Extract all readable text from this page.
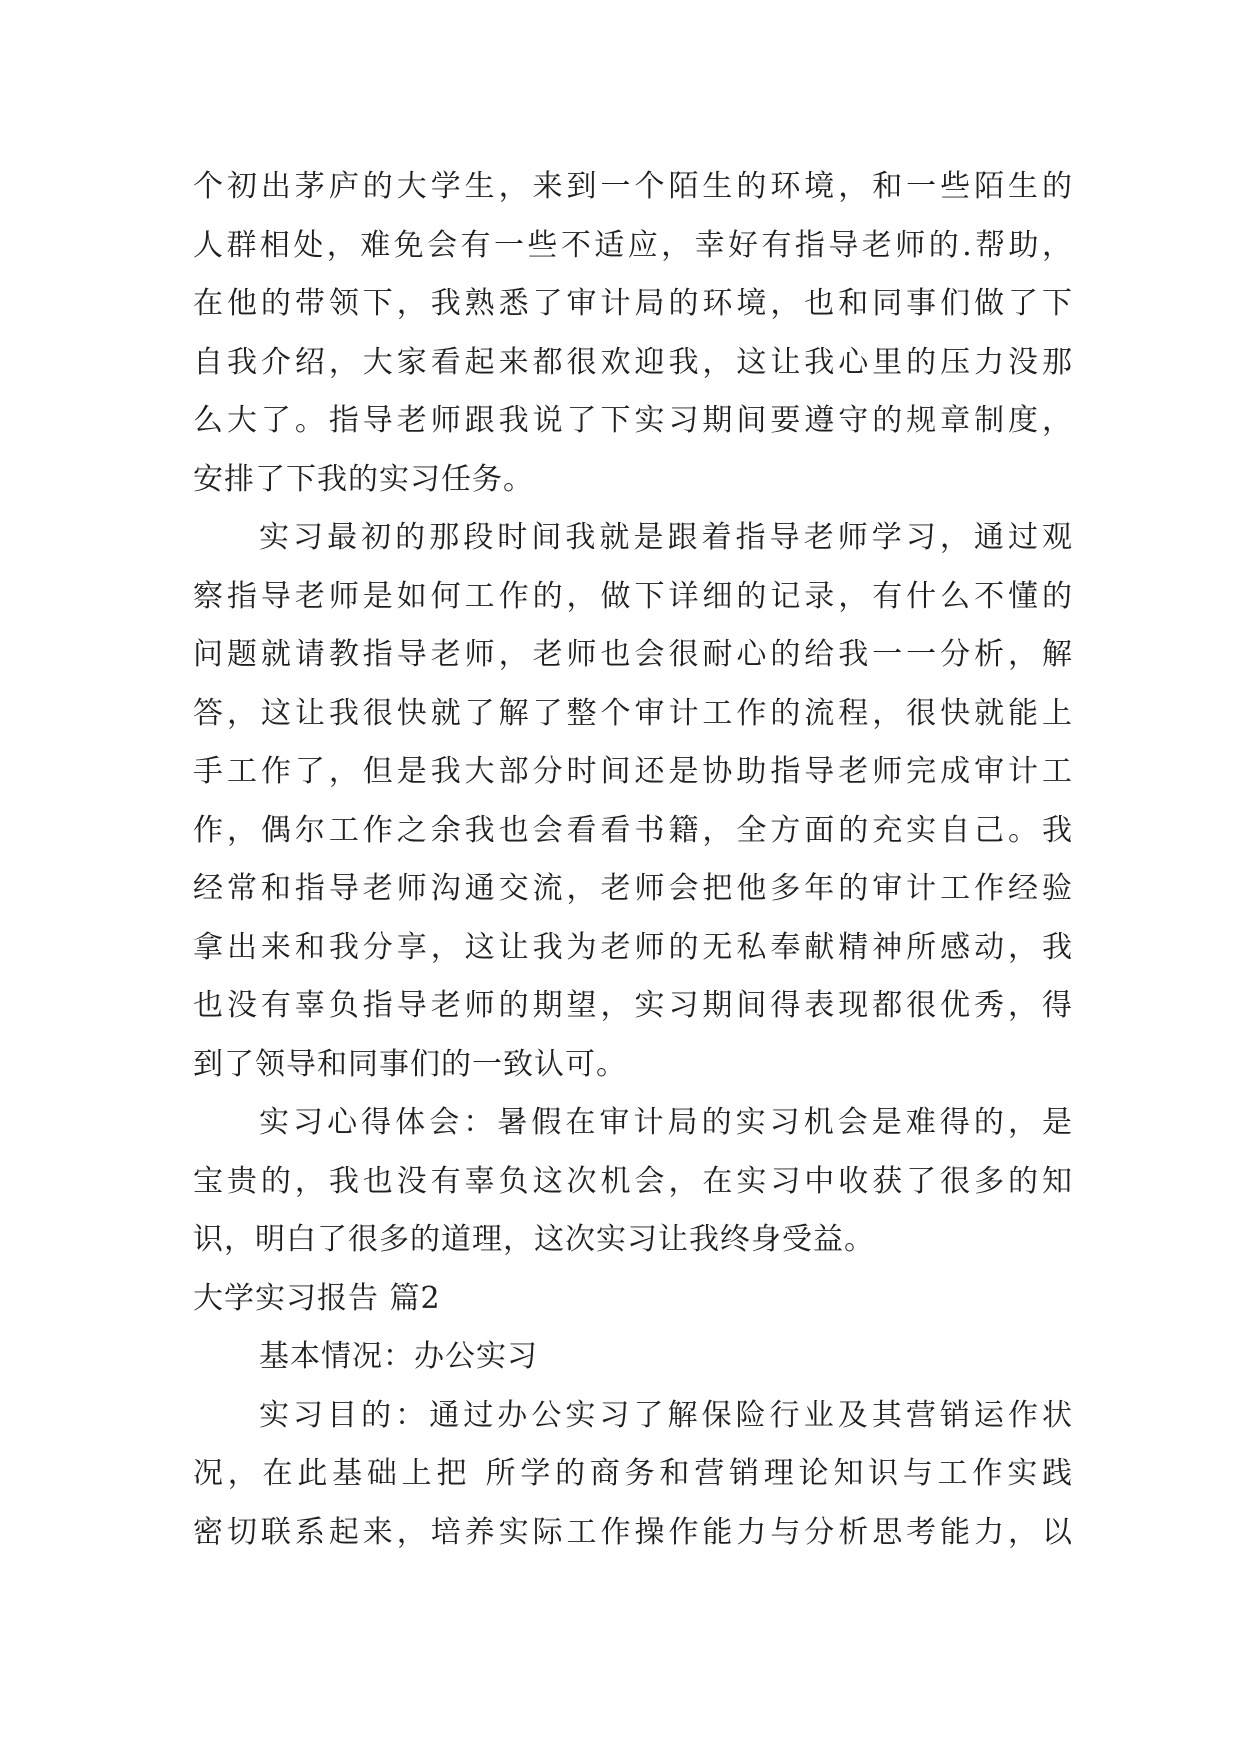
个初出茅庐的大学生，来到一个陌生的环境，和一些陌生的
人群相处，难免会有一些不适应，幸好有指导老师的.帮助，
在他的带领下，我熟悉了审计局的环境，也和同事们做了下
自我介绍，大家看起来都很欢迎我，这让我心里的压力没那
么大了。指导老师跟我说了下实习期间要遵守的规章制度，
安排了下我的实习任务。
实习最初的那段时间我就是跟着指导老师学习，通过观
察指导老师是如何工作的，做下详细的记录，有什么不懂的
问题就请教指导老师，老师也会很耐心的给我一一分析，解
答，这让我很快就了解了整个审计工作的流程，很快就能上
手工作了，但是我大部分时间还是协助指导老师完成审计工
作，偶尔工作之余我也会看看书籍，全方面的充实自己。我
经常和指导老师沟通交流，老师会把他多年的审计工作经验
拿出来和我分享，这让我为老师的无私奉献精神所感动，我
也没有辜负指导老师的期望，实习期间得表现都很优秀，得
到了领导和同事们的一致认可。
实习心得体会：暑假在审计局的实习机会是难得的，是
宝贵的，我也没有辜负这次机会，在实习中收获了很多的知
识，明白了很多的道理，这次实习让我终身受益。
大学实习报告 篇2
基本情况：办公实习
实习目的：通过办公实习了解保险行业及其营销运作状
况，在此基础上把 所学的商务和营销理论知识与工作实践
密切联系起来，培养实际工作操作能力与分析思考能力，以
